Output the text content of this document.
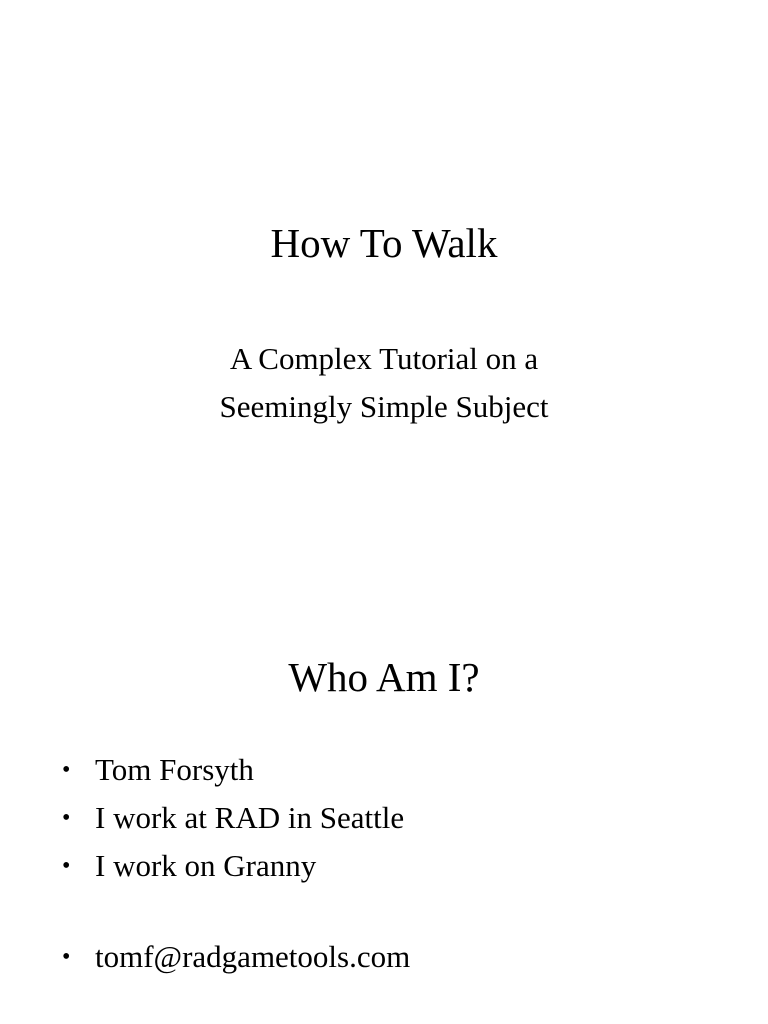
How To Walk

A Complex Tutorial on a
Seemingly Simple Subject

Who Am I?
• Tom Forsyth
• I work at RAD in Seattle
• I work on Granny
• tomf@radgametools.com
